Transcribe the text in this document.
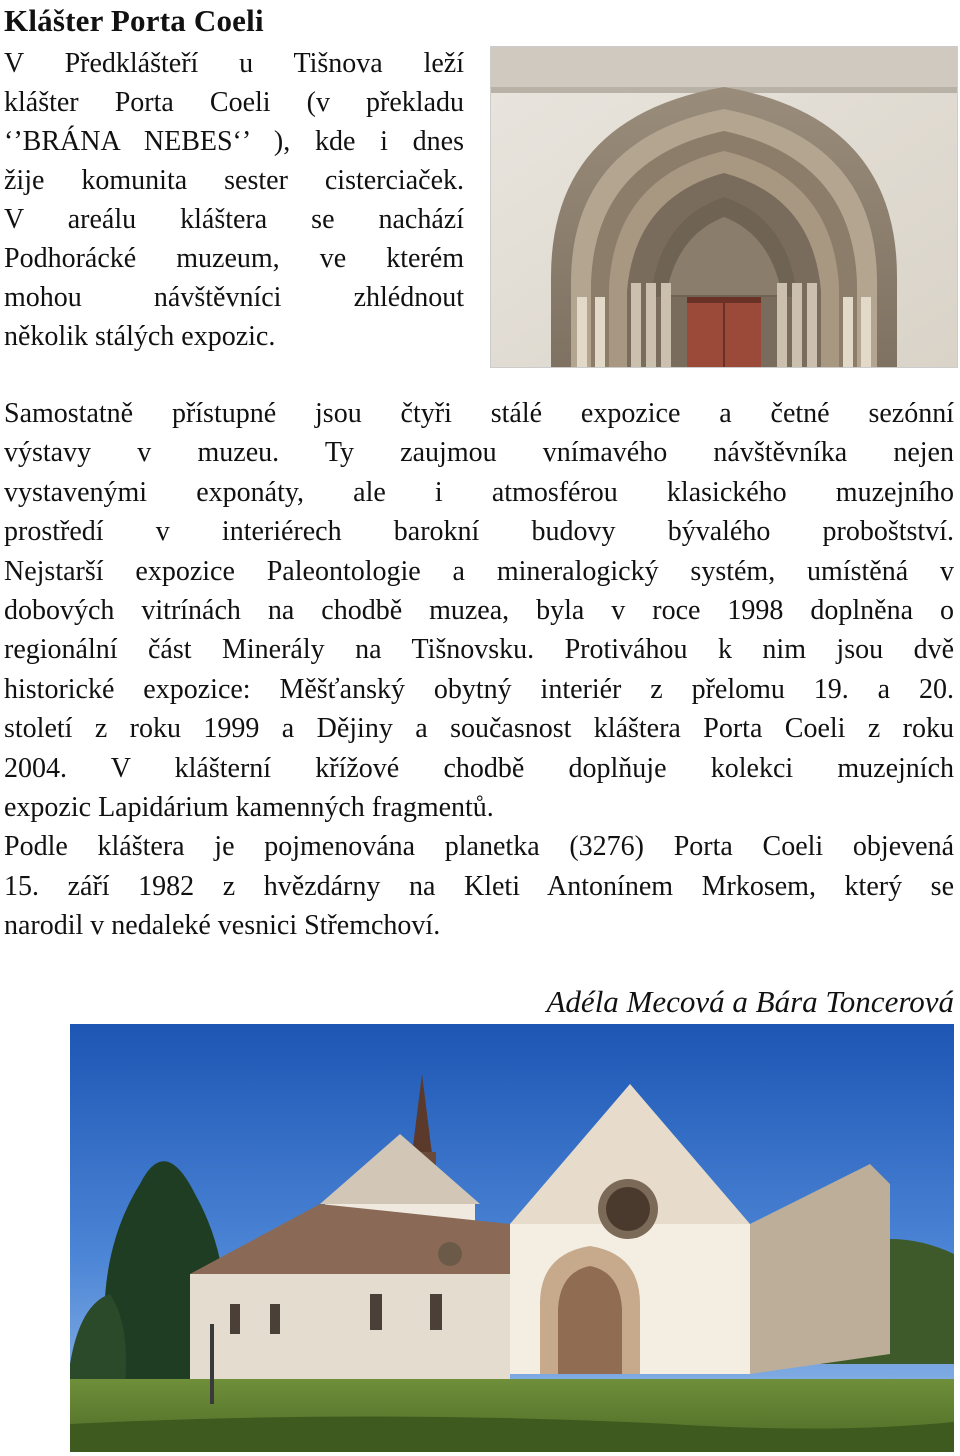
Klášter Porta Coeli

V Předklášteří u Tišnova leží
klášter Porta Coeli (v překladu
‘’BRÁNA NEBES‘’ ), kde i dnes
žije komunita sester cisterciaček.
V areálu kláštera se nachází
Podhorácké muzeum, ve kterém
mohou návštěvníci zhlédnout
několik stálých expozic.

Samostatně přístupné jsou čtyři stálé expozice a četné sezónní
výstavy v muzeu. Ty zaujmou vnímavého návštěvníka nejen
vystavenými exponáty, ale i atmosférou klasického muzejního
prostředí v interiérech barokní budovy bývalého proboštství.
Nejstarší expozice Paleontologie a mineralogický systém, umístěná v
dobových vitrínách na chodbě muzea, byla v roce 1998 doplněna o
regionální část Minerály na Tišnovsku. Protiváhou k nim jsou dvě
historické expozice: Měšťanský obytný interiér z přelomu 19. a 20.
století z roku 1999 a Dějiny a současnost kláštera Porta Coeli z roku
2004. V klášterní křížové chodbě doplňuje kolekci muzejních
expozic Lapidárium kamenných fragmentů.
Podle kláštera je pojmenována planetka (3276) Porta Coeli objevená
15. září 1982 z hvězdárny na Kleti Antonínem Mrkosem, který se
narodil v nedaleké vesnici Střemchoví.
Adéla Mecová a Bára Toncerová
